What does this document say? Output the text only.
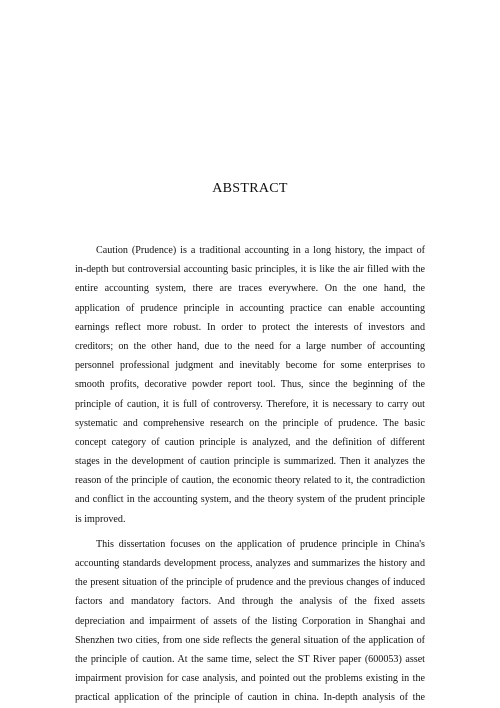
ABSTRACT

Caution (Prudence) is a traditional accounting in a long history, the impact of
in-depth but controversial accounting basic principles, it is like the air filled with the
entire accounting system, there are traces everywhere. On the one hand, the
application of prudence principle in accounting practice can enable accounting
earnings reflect more robust. In order to protect the interests of investors and
creditors; on the other hand, due to the need for a large number of accounting
personnel professional judgment and inevitably become for some enterprises to
smooth profits, decorative powder report tool. Thus, since the beginning of the
principle of caution, it is full of controversy. Therefore, it is necessary to carry out
systematic and comprehensive research on the principle of prudence. The basic
concept category of caution principle is analyzed, and the definition of different
stages in the development of caution principle is summarized. Then it analyzes the
reason of the principle of caution, the economic theory related to it, the contradiction
and conflict in the accounting system, and the theory system of the prudent principle
is improved.

This dissertation focuses on the application of prudence principle in China's
accounting standards development process, analyzes and summarizes the history and
the present situation of the principle of prudence and the previous changes of induced
factors and mandatory factors. And through the analysis of the fixed assets
depreciation and impairment of assets of the listing Corporation in Shanghai and
Shenzhen two cities, from one side reflects the general situation of the application of
the principle of caution. At the same time, select the ST River paper (600053) asset
impairment provision for case analysis, and pointed out the problems existing in the
practical application of the principle of caution in china. In-depth analysis of the
